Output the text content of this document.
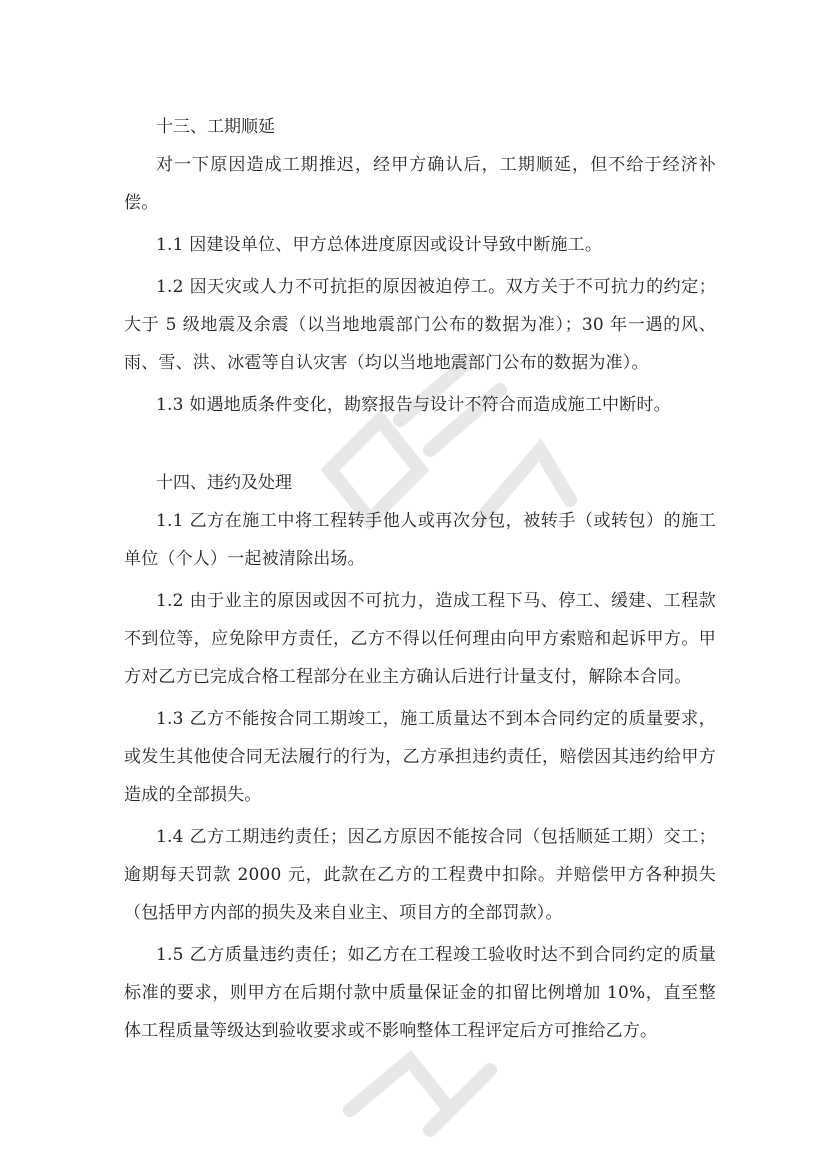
十三、工期顺延

对一下原因造成工期推迟，经甲方确认后，工期顺延，但不给于经济补偿。

1.1 因建设单位、甲方总体进度原因或设计导致中断施工。

1.2 因天灾或人力不可抗拒的原因被迫停工。双方关于不可抗力的约定；大于 5 级地震及余震（以当地地震部门公布的数据为准）；30 年一遇的风、雨、雪、洪、冰雹等自认灾害（均以当地地震部门公布的数据为准）。

1.3 如遇地质条件变化，勘察报告与设计不符合而造成施工中断时。

十四、违约及处理

1.1 乙方在施工中将工程转手他人或再次分包，被转手（或转包）的施工单位（个人）一起被清除出场。

1.2 由于业主的原因或因不可抗力，造成工程下马、停工、缓建、工程款不到位等，应免除甲方责任，乙方不得以任何理由向甲方索赔和起诉甲方。甲方对乙方已完成合格工程部分在业主方确认后进行计量支付，解除本合同。

1.3 乙方不能按合同工期竣工，施工质量达不到本合同约定的质量要求，或发生其他使合同无法履行的行为，乙方承担违约责任，赔偿因其违约给甲方造成的全部损失。

1.4 乙方工期违约责任；因乙方原因不能按合同（包括顺延工期）交工；逾期每天罚款 2000 元，此款在乙方的工程费中扣除。并赔偿甲方各种损失（包括甲方内部的损失及来自业主、项目方的全部罚款）。

1.5 乙方质量违约责任；如乙方在工程竣工验收时达不到合同约定的质量标准的要求，则甲方在后期付款中质量保证金的扣留比例增加 10%，直至整体工程质量等级达到验收要求或不影响整体工程评定后方可推给乙方。
